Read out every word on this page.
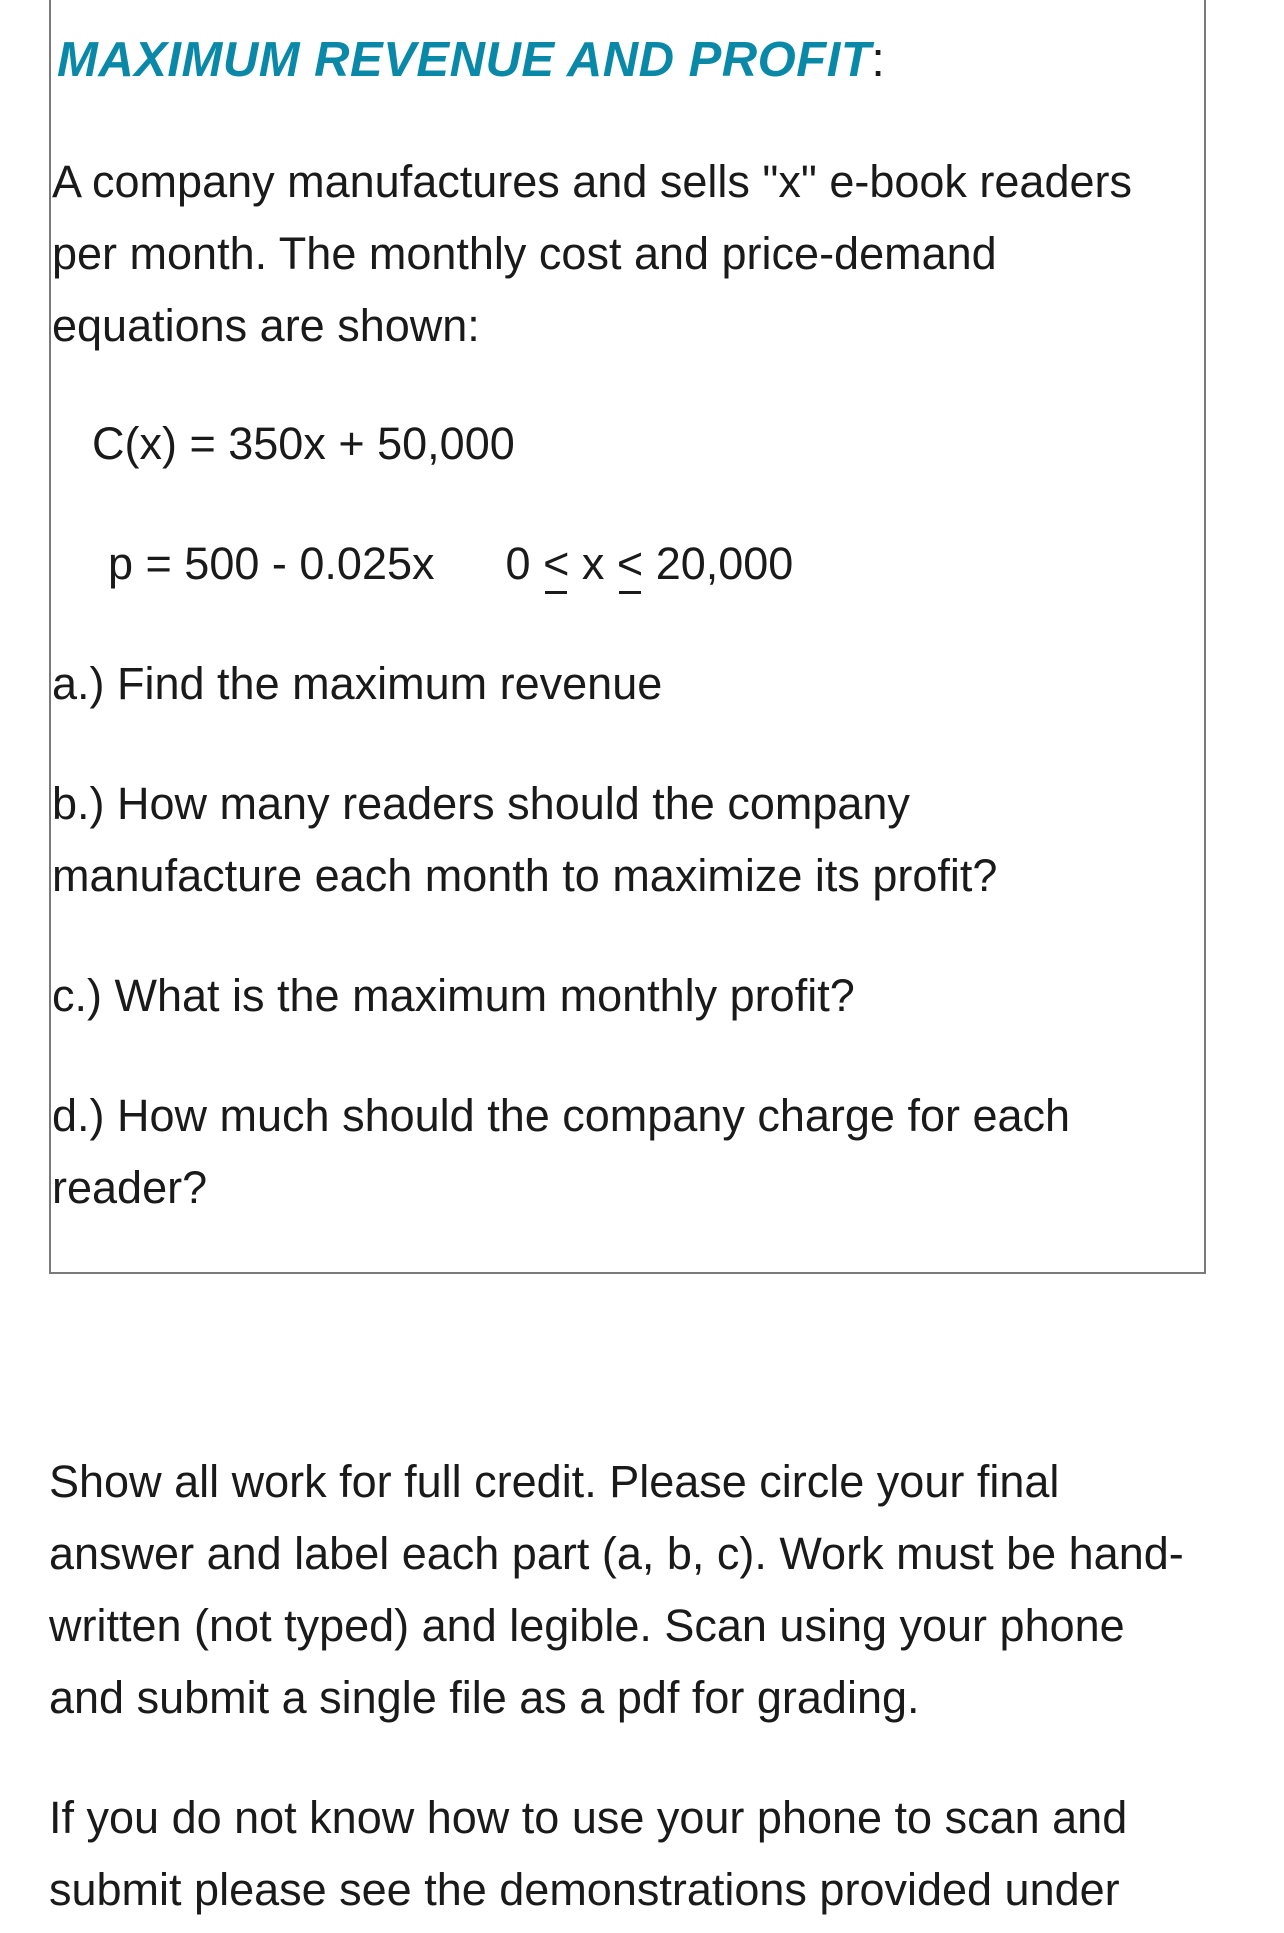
MAXIMUM REVENUE AND PROFIT:
A company manufactures and sells "x" e-book readers
per month. The monthly cost and price-demand
equations are shown:
C(x) = 350x + 50,000
p = 500 - 0.025x 0 < x < 20,000
a.) Find the maximum revenue
b.) How many readers should the company
manufacture each month to maximize its profit?
c.) What is the maximum monthly profit?
d.) How much should the company charge for each
reader?
Show all work for full credit. Please circle your final
answer and label each part (a, b, c). Work must be hand-
written (not typed) and legible. Scan using your phone
and submit a single file as a pdf for grading.
If you do not know how to use your phone to scan and
submit please see the demonstrations provided under
